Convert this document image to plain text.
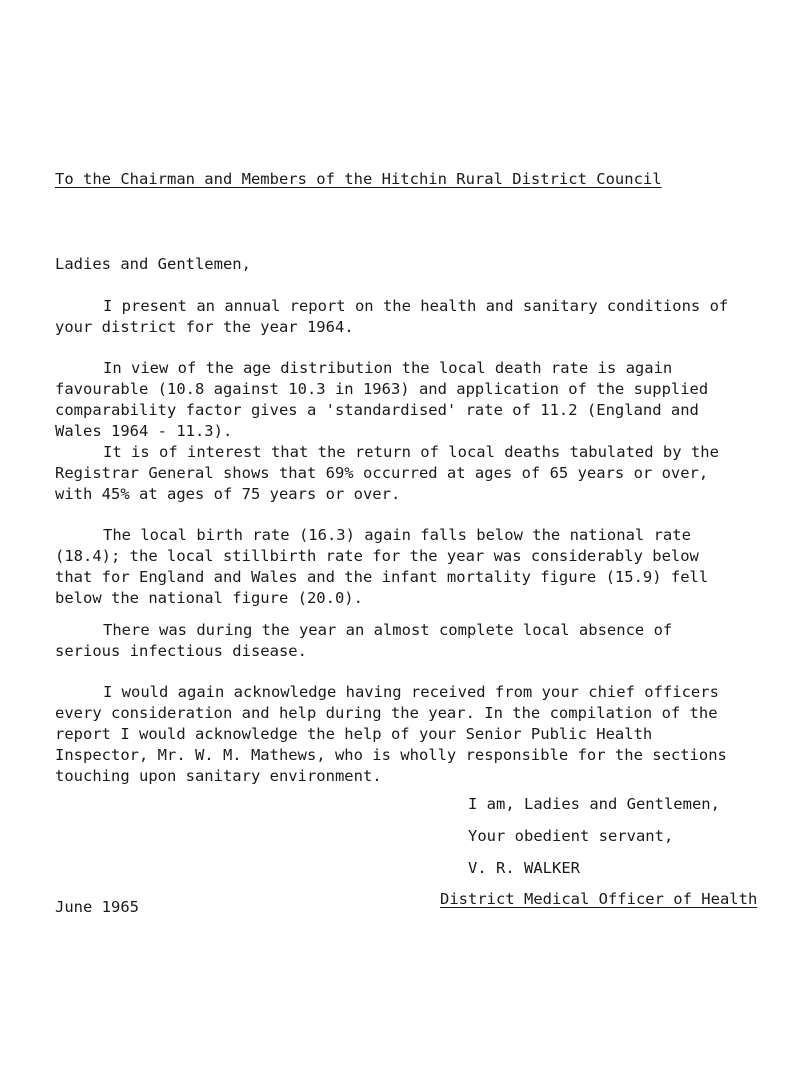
To the Chairman and Members of the Hitchin Rural District Council
Ladies and Gentlemen,

I present an annual report on the health and sanitary conditions of your district for the year 1964.

In view of the age distribution the local death rate is again favourable (10.8 against 10.3 in 1963) and application of the supplied comparability factor gives a 'standardised' rate of 11.2 (England and Wales 1964 - 11.3).

It is of interest that the return of local deaths tabulated by the Registrar General shows that 69% occurred at ages of 65 years or over, with 45% at ages of 75 years or over.

The local birth rate (16.3) again falls below the national rate (18.4); the local stillbirth rate for the year was considerably below that for England and Wales and the infant mortality figure (15.9) fell below the national figure (20.0).

There was during the year an almost complete local absence of serious infectious disease.

I would again acknowledge having received from your chief officers every consideration and help during the year. In the compilation of the report I would acknowledge the help of your Senior Public Health Inspector, Mr. W. M. Mathews, who is wholly responsible for the sections touching upon sanitary environment.

I am, Ladies and Gentlemen,
Your obedient servant,
V. R. WALKER
District Medical Officer of Health
June 1965
